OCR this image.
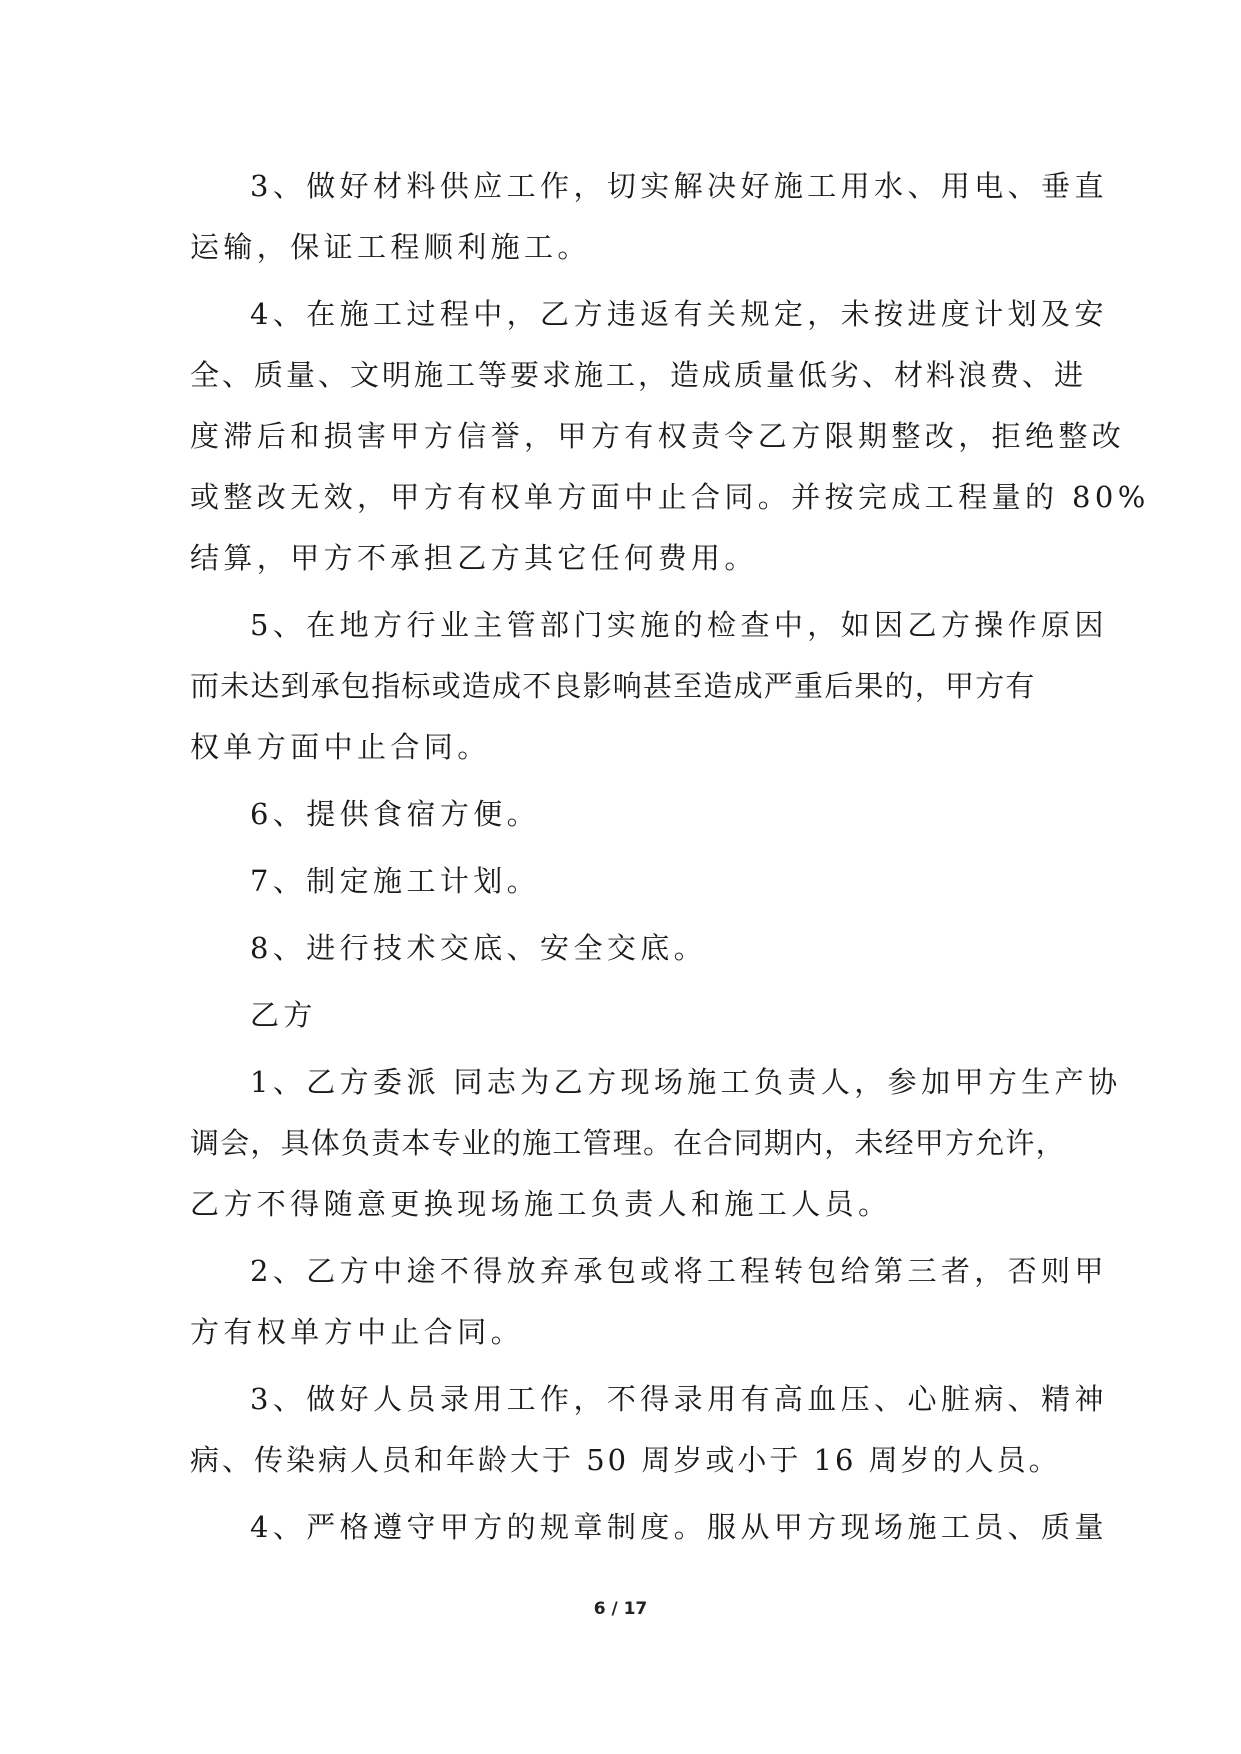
3、做好材料供应工作，切实解决好施工用水、用电、垂直
运输，保证工程顺利施工。
4、在施工过程中，乙方违返有关规定，未按进度计划及安
全、质量、文明施工等要求施工，造成质量低劣、材料浪费、进
度滞后和损害甲方信誉，甲方有权责令乙方限期整改，拒绝整改
或整改无效，甲方有权单方面中止合同。并按完成工程量的 80%
结算，甲方不承担乙方其它任何费用。
5、在地方行业主管部门实施的检查中，如因乙方操作原因
而未达到承包指标或造成不良影响甚至造成严重后果的，甲方有
权单方面中止合同。
6、提供食宿方便。
7、制定施工计划。
8、进行技术交底、安全交底。
乙方
1、乙方委派 同志为乙方现场施工负责人，参加甲方生产协
调会，具体负责本专业的施工管理。在合同期内，未经甲方允许，
乙方不得随意更换现场施工负责人和施工人员。
2、乙方中途不得放弃承包或将工程转包给第三者，否则甲
方有权单方中止合同。
3、做好人员录用工作，不得录用有高血压、心脏病、精神
病、传染病人员和年龄大于 50 周岁或小于 16 周岁的人员。
4、严格遵守甲方的规章制度。服从甲方现场施工员、质量
6 / 17
